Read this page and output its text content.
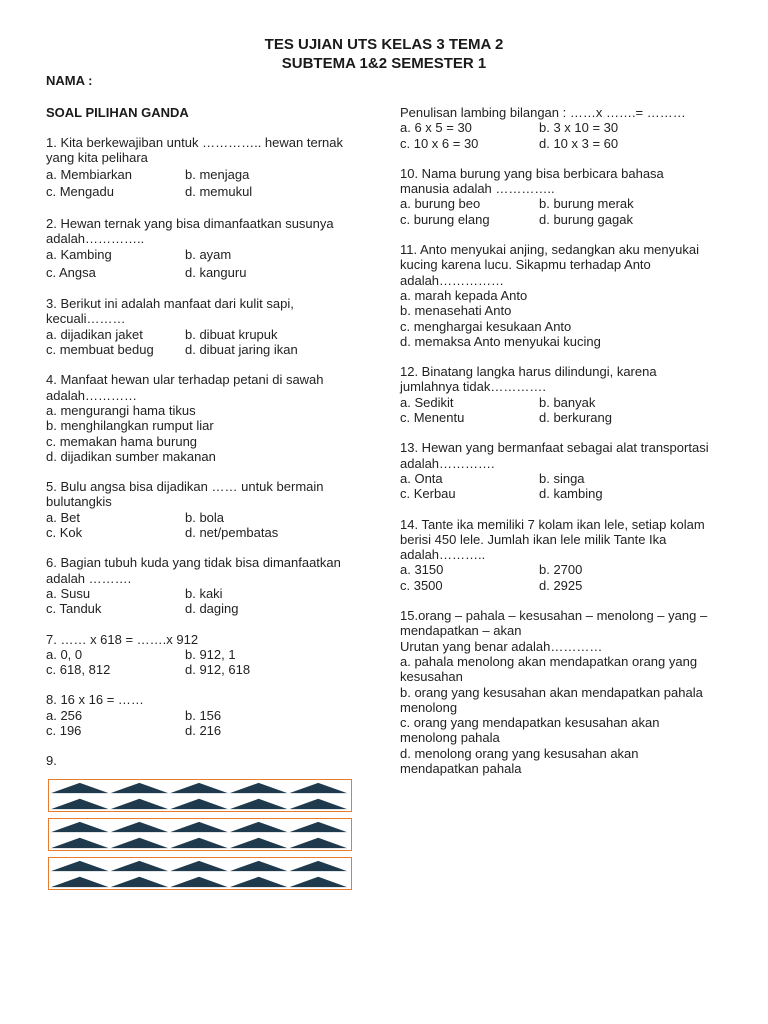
TES UJIAN UTS KELAS 3 TEMA 2
SUBTEMA 1&2 SEMESTER 1
NAMA :
SOAL PILIHAN GANDA

1. Kita berkewajiban untuk ………….. hewan ternak yang kita pelihara

a. Membiarkan	b. menjaga
c. Mengadu	d. memukul

2. Hewan ternak yang bisa dimanfaatkan susunya adalah…………..

a. Kambing	b. ayam
c. Angsa	d. kanguru

3. Berikut ini adalah manfaat dari kulit sapi, kecuali………

a. dijadikan jaket	b. dibuat krupuk
c. membuat bedug	d. dibuat jaring ikan

4. Manfaat hewan ular terhadap petani di sawah adalah…………

a. mengurangi hama tikus
b. menghilangkan rumput liar
c. memakan hama burung
d. dijadikan sumber makanan

5. Bulu angsa bisa dijadikan …… untuk bermain bulutangkis

a. Bet	b. bola
c. Kok	d. net/pembatas

6. Bagian tubuh kuda yang tidak bisa dimanfaatkan adalah ……….

a. Susu	b. kaki
c. Tanduk	d. daging

7. …… x 618 = …….x 912

a. 0, 0	b. 912, 1
c. 618, 812	d. 912, 618

8. 16 x 16 = ……

a. 256	b. 156
c. 196	d. 216
9.

Penulisan lambing bilangan : ……x …….= ………

a. 6 x 5 = 30	b. 3 x 10 = 30
c. 10 x 6 = 30	d. 10 x 3 = 60

10. Nama burung yang bisa berbicara bahasa manusia adalah …………..

a. burung beo	b. burung merak
c. burung elang	d. burung gagak

11. Anto menyukai anjing, sedangkan aku menyukai kucing karena lucu. Sikapmu terhadap Anto adalah……………

a. marah kepada Anto
b. menasehati Anto
c. menghargai kesukaan Anto
d. memaksa Anto menyukai kucing

12. Binatang langka harus dilindungi, karena jumlahnya tidak………….

a. Sedikit	b. banyak
c. Menentu	d. berkurang

13. Hewan yang bermanfaat sebagai alat transportasi adalah………….

a. Onta	b. singa
c. Kerbau	d. kambing

14. Tante ika memiliki 7 kolam ikan lele, setiap kolam berisi 450 lele. Jumlah ikan lele milik Tante Ika adalah………..

a. 3150	b. 2700
c. 3500	d. 2925

15.orang – pahala – kesusahan – menolong – yang – mendapatkan – akan

Urutan yang benar adalah…………

a. pahala menolong akan mendapatkan orang yang kesusahan
b. orang yang kesusahan akan mendapatkan pahala menolong
c. orang yang mendapatkan kesusahan akan menolong pahala
d. menolong orang yang kesusahan akan mendapatkan pahala
